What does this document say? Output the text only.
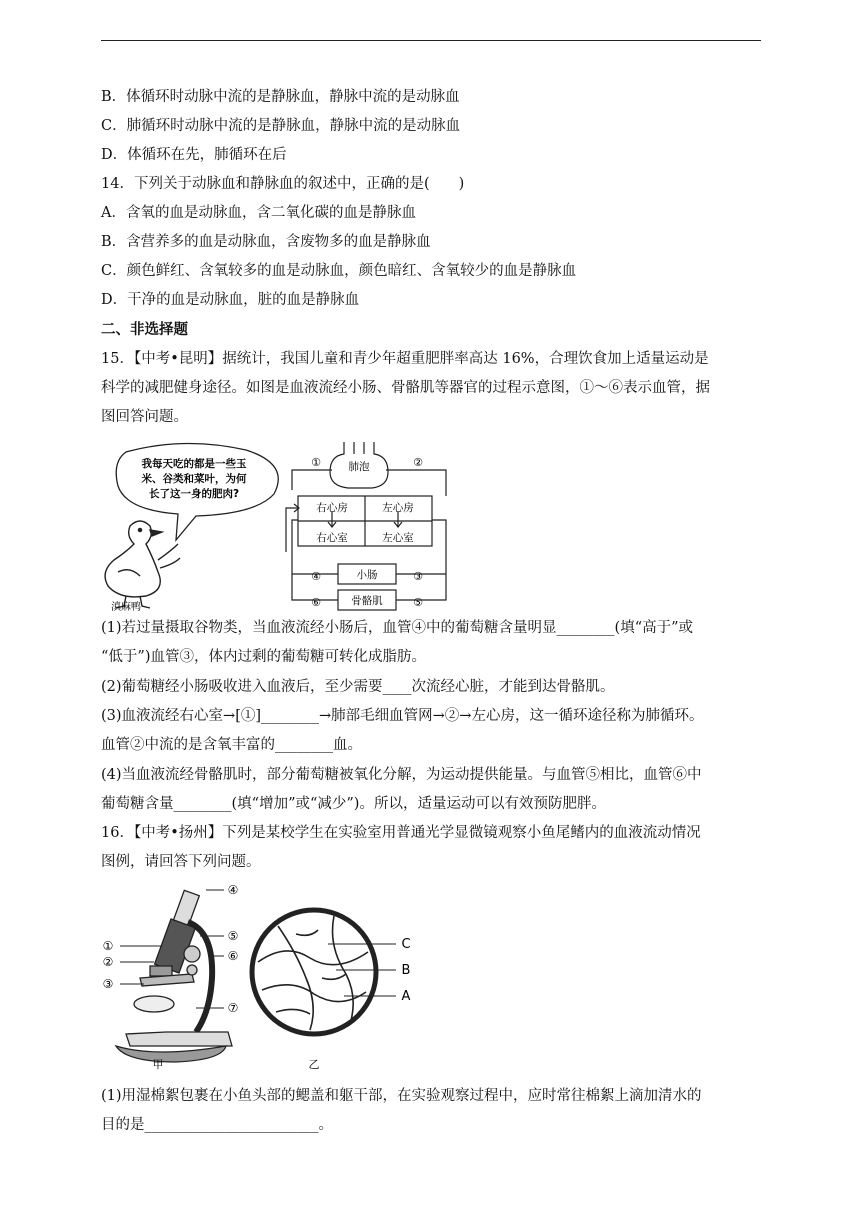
B．体循环时动脉中流的是静脉血，静脉中流的是动脉血
C．肺循环时动脉中流的是静脉血，静脉中流的是动脉血
D．体循环在先，肺循环在后
14．下列关于动脉血和静脉血的叙述中，正确的是(　　)
A．含氧的血是动脉血，含二氧化碳的血是静脉血
B．含营养多的血是动脉血，含废物多的血是静脉血
C．颜色鲜红、含氧较多的血是动脉血，颜色暗红、含氧较少的血是静脉血
D．干净的血是动脉血，脏的血是静脉血
二、非选择题
15．【中考•昆明】据统计，我国儿童和青少年超重肥胖率高达 16%，合理饮食加上适量运动是
科学的减肥健身途径。如图是血液流经小肠、骨骼肌等器官的过程示意图，①～⑥表示血管，据
图回答问题。
我每天吃的都是一些玉
米、谷类和菜叶，为何
长了这一身的肥肉?
滇麻鸭
肺泡
右心房	左心房
右心室	左心室
小肠
骨骼肌
①	②
③
④
⑤
⑥
(1)若过量摄取谷物类，当血液流经小肠后，血管④中的葡萄糖含量明显________(填“高于”或
“低于”)血管③，体内过剩的葡萄糖可转化成脂肪。
(2)葡萄糖经小肠吸收进入血液后，至少需要____次流经心脏，才能到达骨骼肌。
(3)血液流经右心室→[①]________→肺部毛细血管网→②→左心房，这一循环途径称为肺循环。
血管②中流的是含氧丰富的________血。
(4)当血液流经骨骼肌时，部分葡萄糖被氧化分解，为运动提供能量。与血管⑤相比，血管⑥中
葡萄糖含量________(填“增加”或“减少”)。所以，适量运动可以有效预防肥胖。
16．【中考•扬州】下列是某校学生在实验室用普通光学显微镜观察小鱼尾鳍内的血液流动情况
图例，请回答下列问题。
④
①
②
③
⑤
⑥
⑦
甲
C
B
A
乙
(1)用湿棉絮包裹在小鱼头部的鳃盖和躯干部，在实验观察过程中，应时常往棉絮上滴加清水的
目的是________________________。
